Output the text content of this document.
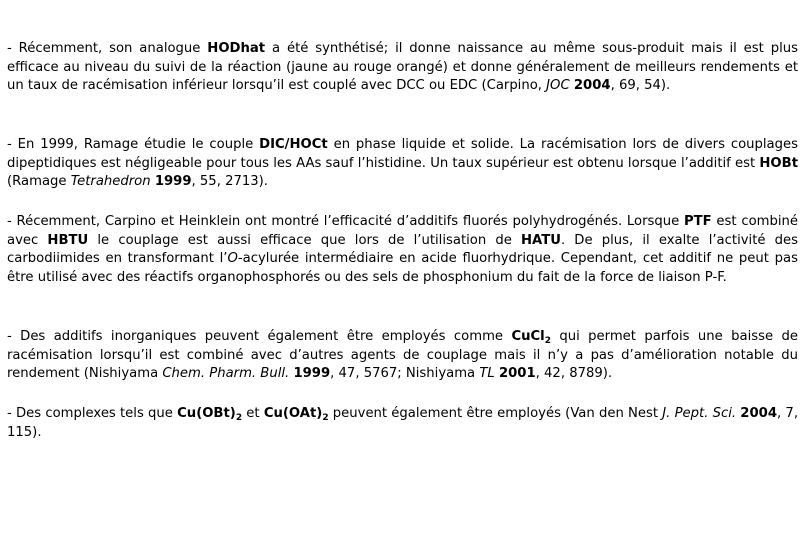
- Récemment, son analogue HODhat a été synthétisé; il donne naissance au même sous-produit mais il est plus efficace au niveau du suivi de la réaction (jaune au rouge orangé) et donne généralement de meilleurs rendements et un taux de racémisation inférieur lorsqu’il est couplé avec DCC ou EDC (Carpino, JOC 2004, 69, 54).

- En 1999, Ramage étudie le couple DIC/HOCt en phase liquide et solide. La racémisation lors de divers couplages dipeptidiques est négligeable pour tous les AAs sauf l’histidine. Un taux supérieur est obtenu lorsque l’additif est HOBt (Ramage Tetrahedron 1999, 55, 2713).

- Récemment, Carpino et Heinklein ont montré l’efficacité d’additifs fluorés polyhydrogénés. Lorsque PTF est combiné avec HBTU le couplage est aussi efficace que lors de l’utilisation de HATU. De plus, il exalte l’activité des carbodiimides en transformant l’O-acylurée intermédiaire en acide fluorhydrique. Cependant, cet additif ne peut pas être utilisé avec des réactifs organophosphorés ou des sels de phosphonium du fait de la force de liaison P-F.

- Des additifs inorganiques peuvent également être employés comme CuCl$_2$ qui permet parfois une baisse de racémisation lorsqu’il est combiné avec d’autres agents de couplage mais il n’y a pas d’amélioration notable du rendement (Nishiyama Chem. Pharm. Bull. 1999, 47, 5767; Nishiyama TL 2001, 42, 8789).

- Des complexes tels que $Cu(OBt)_2$ et $Cu(OAt)_2$ peuvent également être employés (Van den Nest J. Pept. Sci. 2004, 7, 115).
